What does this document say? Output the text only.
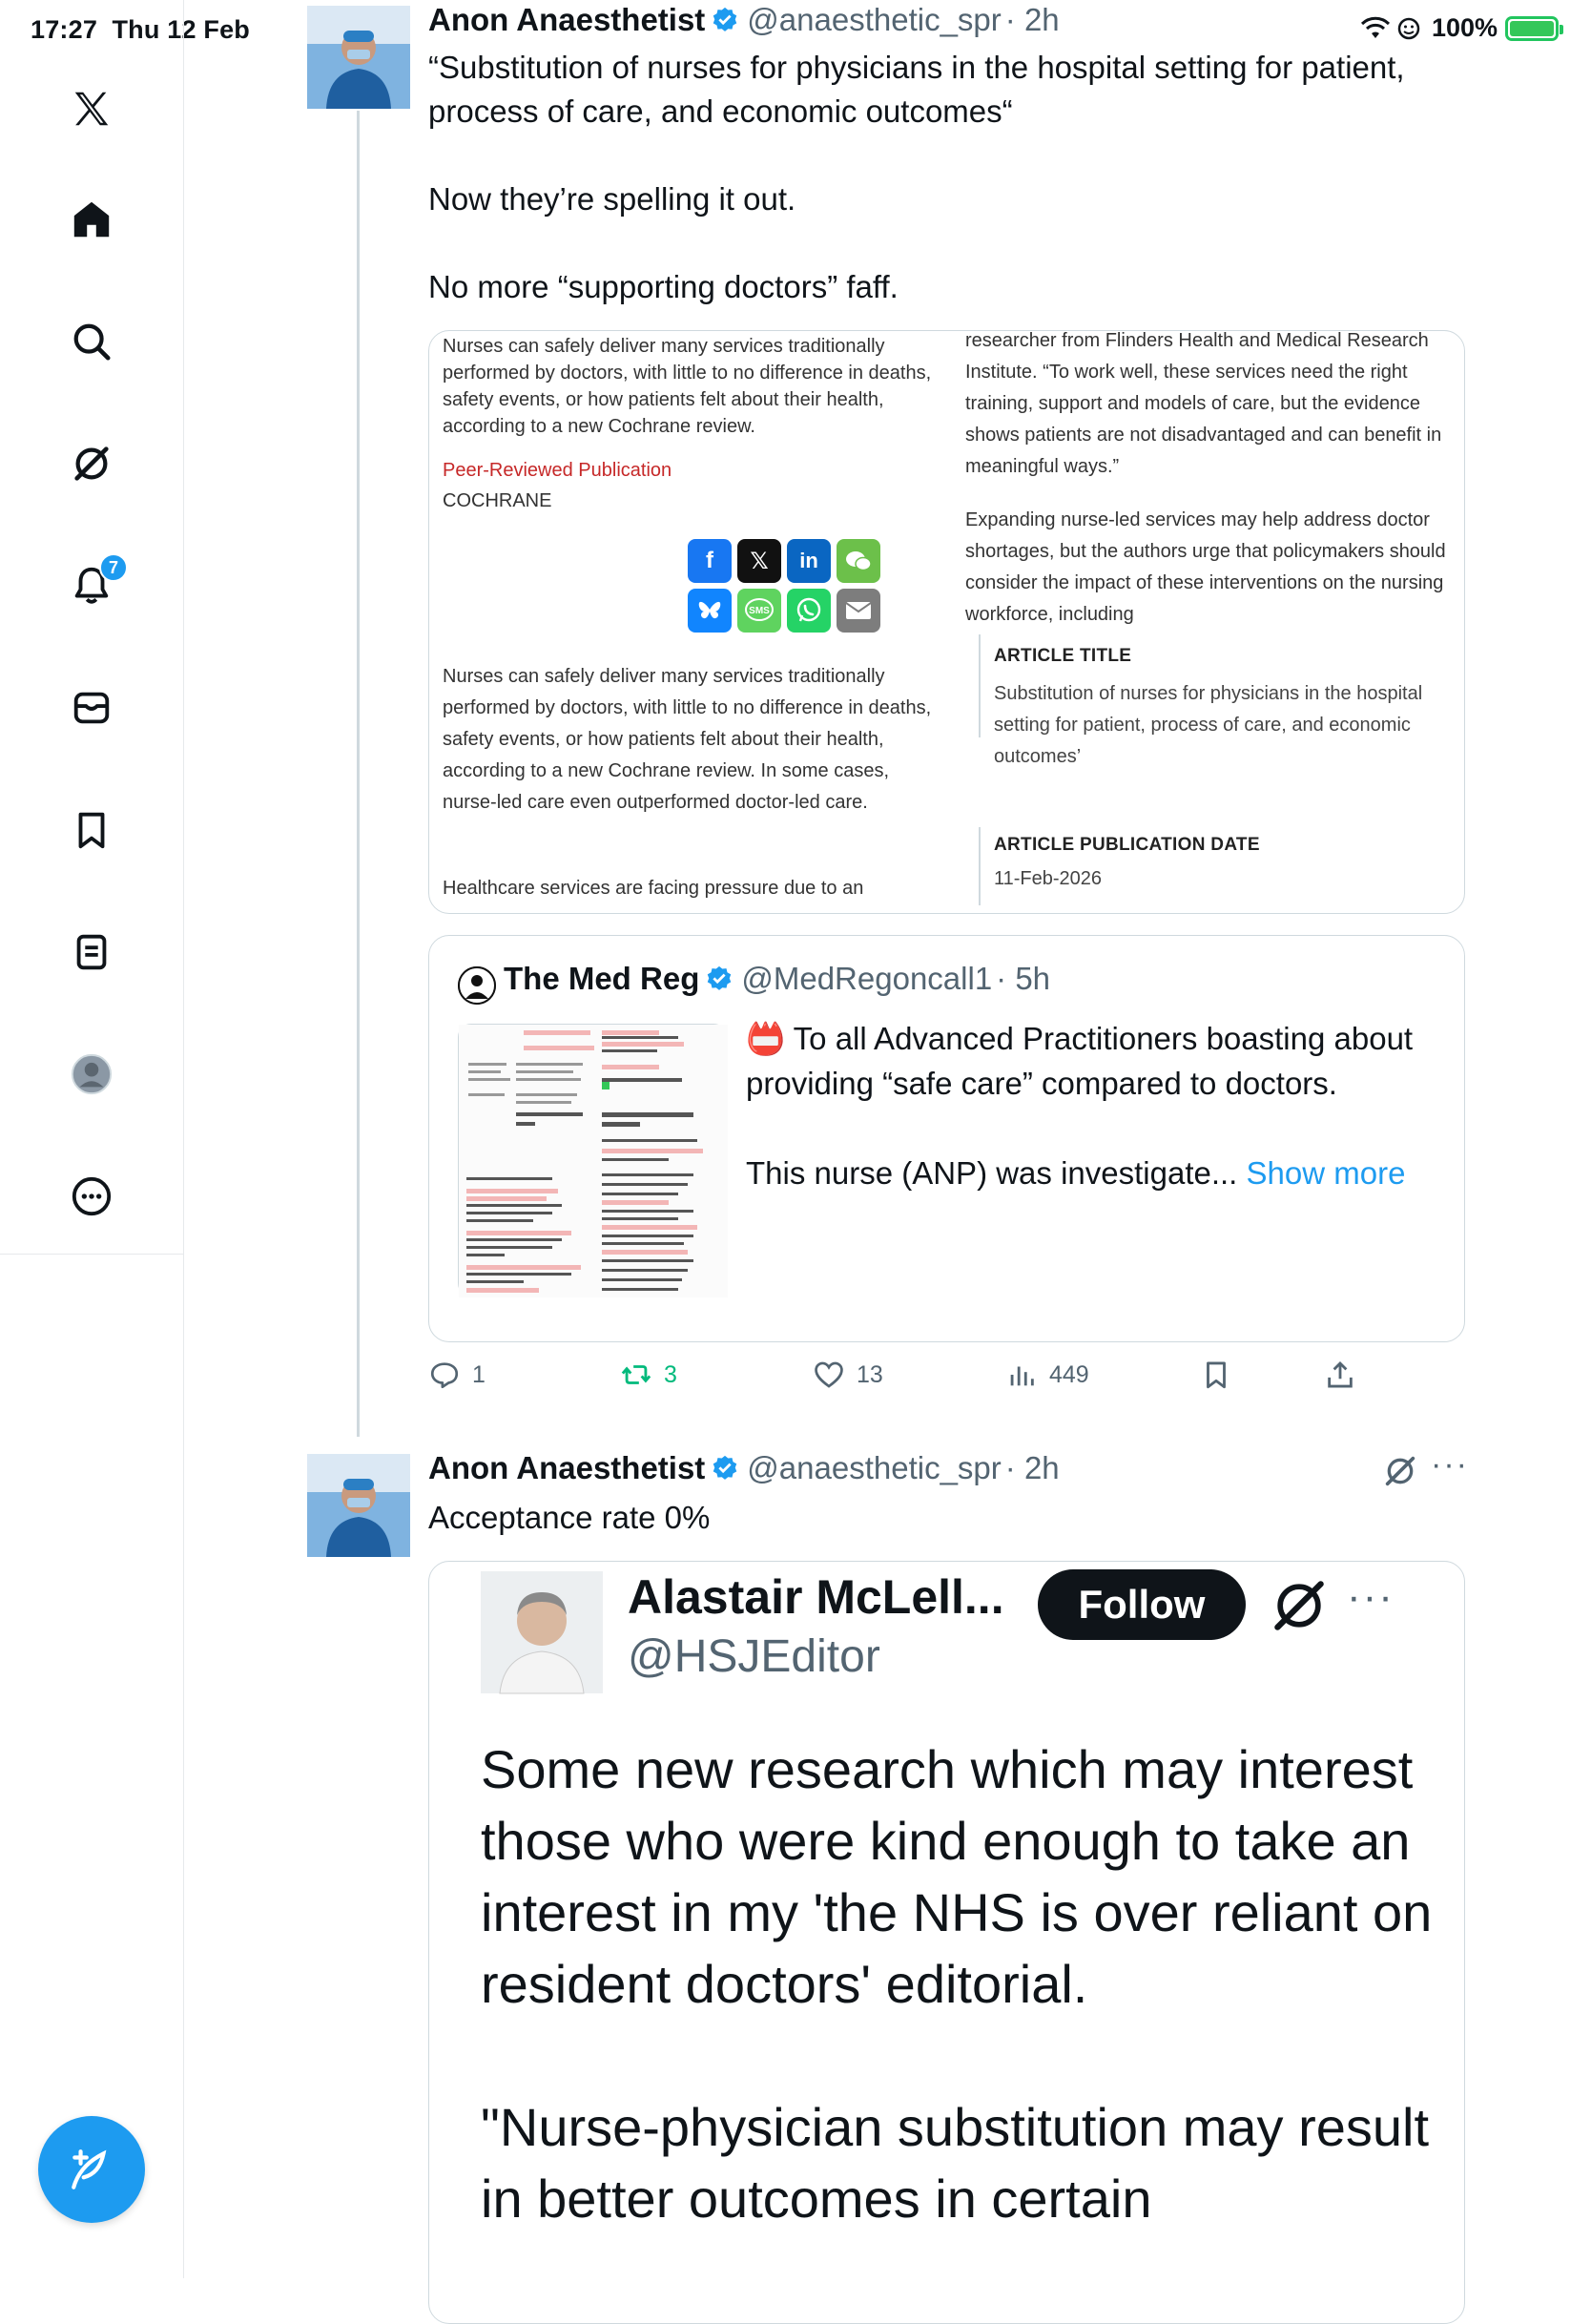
17:27 Thu 12 Feb	100%
7
Anon Anaesthetist @anaesthetic_spr · 2h
“Substitution of nurses for physicians in the hospital setting for patient,
process of care, and economic outcomes“
Now they’re spelling it out.
No more “supporting doctors” faff.
Nurses can safely deliver many services traditionally performed by doctors, with little to no difference in deaths, safety events, or how patients felt about their health, according to a new Cochrane review.
Peer-Reviewed Publication
COCHRANE
f	𝕏	in
SMS
Nurses can safely deliver many services traditionally performed by doctors, with little to no difference in deaths, safety events, or how patients felt about their health, according to a new Cochrane review. In some cases, nurse-led care even outperformed doctor-led care.
Healthcare services are facing pressure due to an
researcher from Flinders Health and Medical Research Institute. “To work well, these services need the right training, support and models of care, but the evidence shows patients are not disadvantaged and can benefit in meaningful ways.”
Expanding nurse-led services may help address doctor shortages, but the authors urge that policymakers should consider the impact of these interventions on the nursing workforce, including
ARTICLE TITLE
Substitution of nurses for physicians in the hospital setting for patient, process of care, and economic outcomes’
ARTICLE PUBLICATION DATE
11-Feb-2026
The Med Reg @MedRegoncall1 · 5h
📛 To all Advanced Practitioners boasting about providing “safe care” compared to doctors.
This nurse (ANP) was investigate... Show more
1	3	13	449
Anon Anaesthetist @anaesthetic_spr · 2h	···
Acceptance rate 0%
Alastair McLell...
@HSJEditor
Follow	···
Some new research which may interest those who were kind enough to take an interest in my 'the NHS is over reliant on resident doctors' editorial.
"Nurse-physician substitution may result in better outcomes in certain
